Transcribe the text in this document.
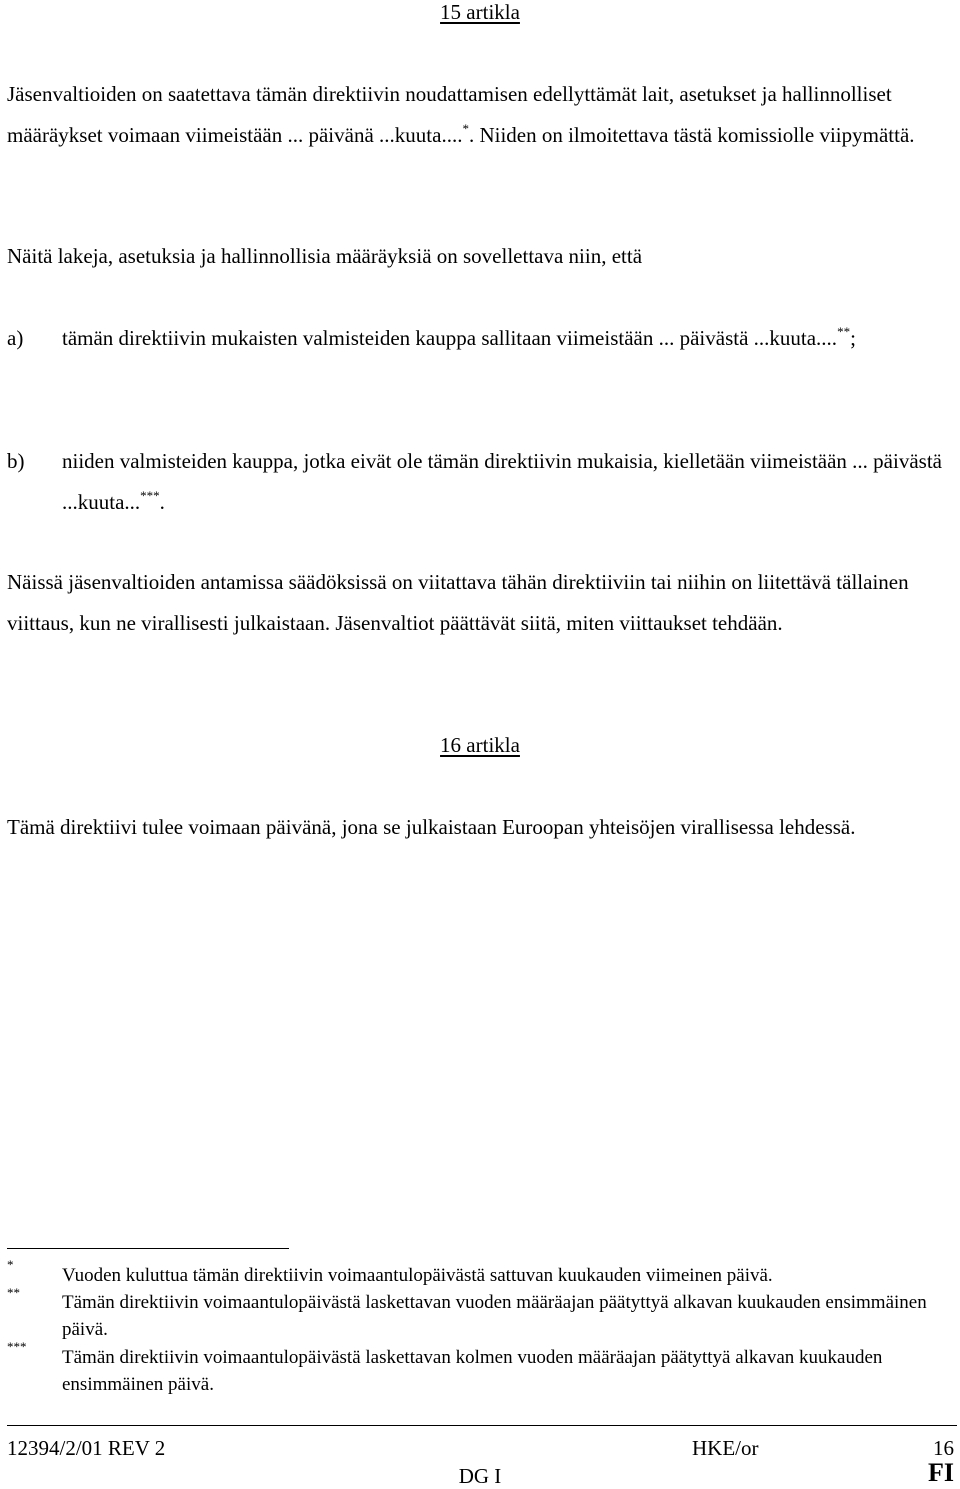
15 artikla
Jäsenvaltioiden on saatettava tämän direktiivin noudattamisen edellyttämät lait, asetukset ja hallinnolliset määräykset voimaan viimeistään ... päivänä ...kuuta....*. Niiden on ilmoitettava tästä komissiolle viipymättä.
Näitä lakeja, asetuksia ja hallinnollisia määräyksiä on sovellettava niin, että
a) tämän direktiivin mukaisten valmisteiden kauppa sallitaan viimeistään ... päivästä ...kuuta....**;
b) niiden valmisteiden kauppa, jotka eivät ole tämän direktiivin mukaisia, kielletään viimeistään ... päivästä ...kuuta...***.
Näissä jäsenvaltioiden antamissa säädöksissä on viitattava tähän direktiiviin tai niihin on liitettävä tällainen viittaus, kun ne virallisesti julkaistaan. Jäsenvaltiot päättävät siitä, miten viittaukset tehdään.
16 artikla
Tämä direktiivi tulee voimaan päivänä, jona se julkaistaan Euroopan yhteisöjen virallisessa lehdessä.
*
Vuoden kuluttua tämän direktiivin voimaantulopäivästä sattuvan kuukauden viimeinen päivä.
** Tämän direktiivin voimaantulopäivästä laskettavan vuoden määräajan päätyttyä alkavan kuukauden ensimmäinen päivä.
***
Tämän direktiivin voimaantulopäivästä laskettavan kolmen vuoden määräajan päätyttyä alkavan kuukauden ensimmäinen päivä.
12394/2/01 REV 2	HKE/or	16
DG I	FI
